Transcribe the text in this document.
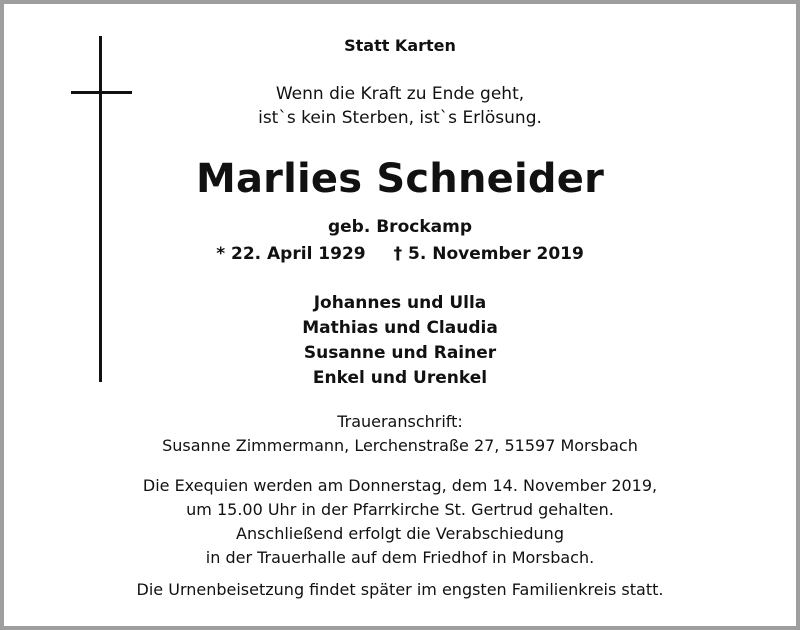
Statt Karten
Wenn die Kraft zu Ende geht,
ist`s kein Sterben, ist`s Erlösung.
Marlies Schneider
geb. Brockamp
* 22. April 1929 † 5. November 2019
Johannes und Ulla
Mathias und Claudia
Susanne und Rainer
Enkel und Urenkel
Traueranschrift:
Susanne Zimmermann, Lerchenstraße 27, 51597 Morsbach
Die Exequien werden am Donnerstag, dem 14. November 2019,
um 15.00 Uhr in der Pfarrkirche St. Gertrud gehalten.
Anschließend erfolgt die Verabschiedung
in der Trauerhalle auf dem Friedhof in Morsbach.
Die Urnenbeisetzung findet später im engsten Familienkreis statt.
